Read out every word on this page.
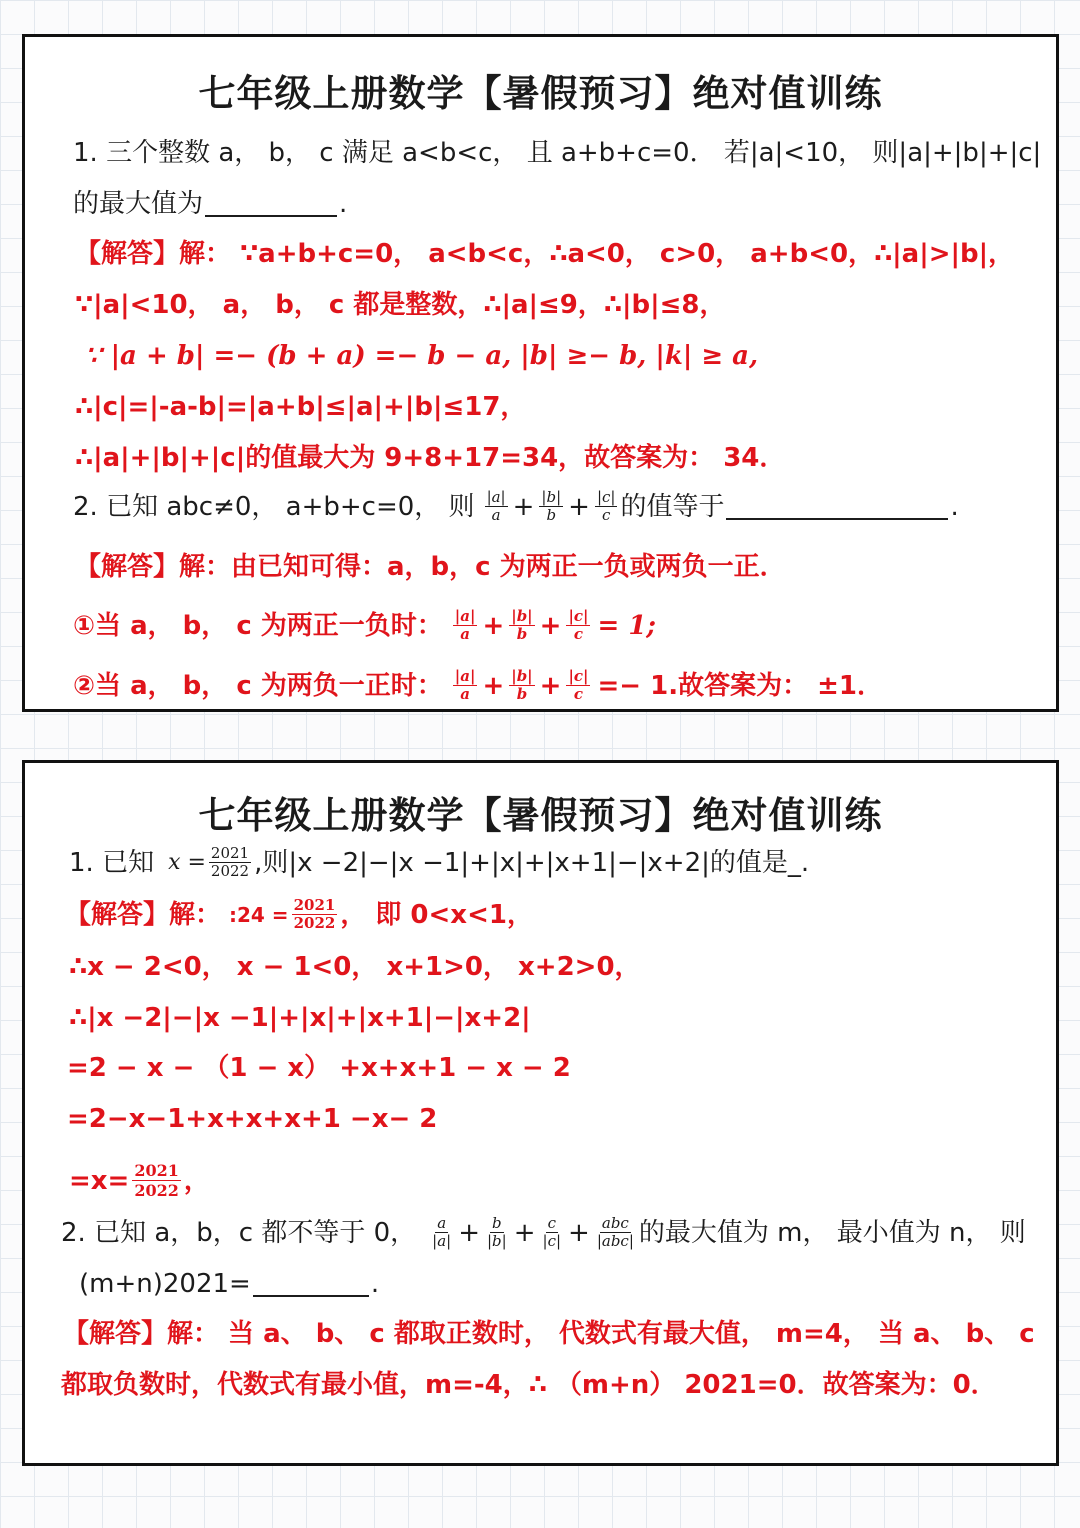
七年级上册数学【暑假预习】绝对值训练
1. 三个整数 a， b， c 满足 a<b<c， 且 a+b+c=0． 若|a|<10， 则|a|+|b|+|c|
的最大值为	.
【解答】解： ∵a+b+c=0， a<b<c，∴a<0， c>0， a+b<0，∴|a|>|b|，
∵|a|<10， a， b， c 都是整数，∴|a|≤9，∴|b|≤8，
∵ |a + b| =− (b + a) =− b − a, |b| ≥− b, |k| ≥ a,
∴|c|=|-a-b|=|a+b|≤|a|+|b|≤17，
∴|a|+|b|+|c|的值最大为 9+8+17=34，故答案为： 34．
2. 已知 abc≠0， a+b+c=0， 则 $\frac{|a|}{a} + \frac{|b|}{b} + \frac{|c|}{c}$ 的值等于	.
【解答】解：由已知可得：a，b，c 为两正一负或两负一正．
①当 a， b， c 为两正一负时： $\frac{|a|}{a} + \frac{|b|}{b} + \frac{|c|}{c} = 1$;
②当 a， b， c 为两负一正时： $\frac{|a|}{a} + \frac{|b|}{b} + \frac{|c|}{c} =- 1$.故答案为： ±1．
七年级上册数学【暑假预习】绝对值训练
1. 已知 $x = \frac{2021}{2022}$ ,则|x −2|−|x −1|+|x|+|x+1|−|x+2|的值是_.
【解答】解： :24 = $\frac{2021}{2022}$ ， 即 0<x<1，
∴x − 2<0， x − 1<0， x+1>0， x+2>0，
∴|x −2|−|x −1|+|x|+|x+1|−|x+2|
=2 − x − （1 − x） +x+x+1 − x − 2
=2−x−1+x+x+x+1 −x− 2
$=x= \frac{2021}{2022}$ ，
2. 已知 a，b，c 都不等于 0， $\frac{a}{|a|} + \frac{b}{|b|} + \frac{c}{|c|} + \frac{\text{abc}}{\text{|abc|}}$ 的最大值为 m， 最小值为 n， 则
(m+n)2021=	.
【解答】解： 当 a、 b、 c 都取正数时， 代数式有最大值， m=4， 当 a、 b、 c
都取负数时，代数式有最小值，m=-4，∴ （m+n） 2021=0．故答案为：0．
